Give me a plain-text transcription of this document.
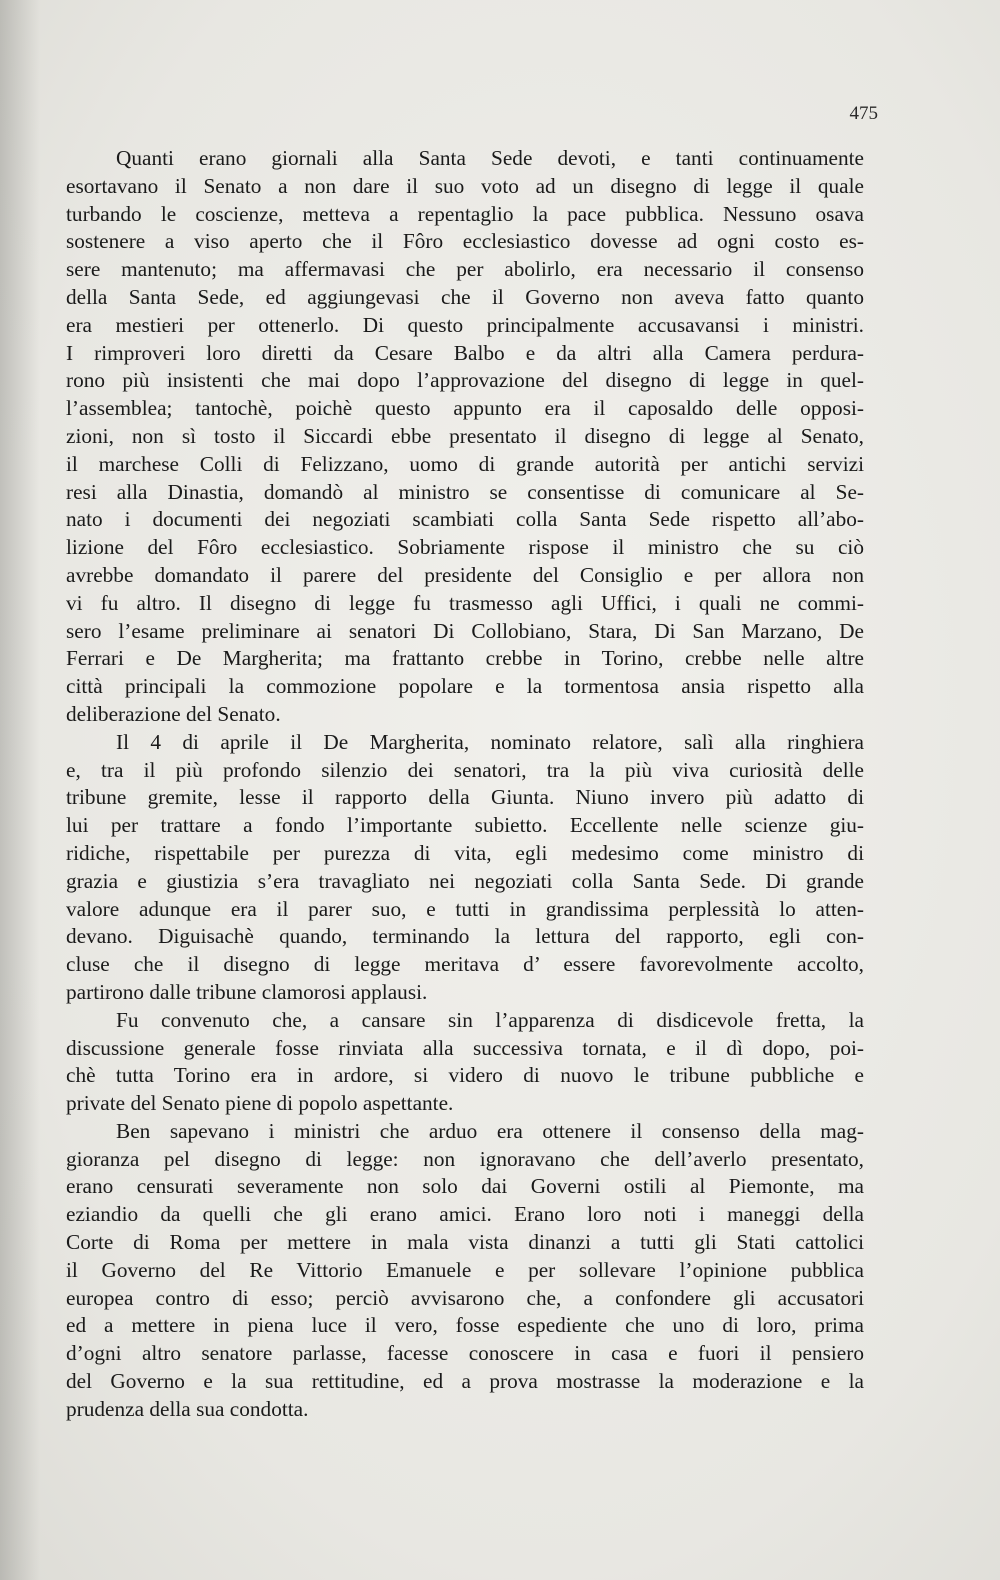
475
Quanti erano giornali alla Santa Sede devoti, e tanti continuamente
esortavano il Senato a non dare il suo voto ad un disegno di legge il quale
turbando le coscienze, metteva a repentaglio la pace pubblica. Nessuno osava
sostenere a viso aperto che il Fôro ecclesiastico dovesse ad ogni costo es-
sere mantenuto; ma affermavasi che per abolirlo, era necessario il consenso
della Santa Sede, ed aggiungevasi che il Governo non aveva fatto quanto
era mestieri per ottenerlo. Di questo principalmente accusavansi i ministri.
I rimproveri loro diretti da Cesare Balbo e da altri alla Camera perdura-
rono più insistenti che mai dopo l’approvazione del disegno di legge in quel-
l’assemblea; tantochè, poichè questo appunto era il caposaldo delle opposi-
zioni, non sì tosto il Siccardi ebbe presentato il disegno di legge al Senato,
il marchese Colli di Felizzano, uomo di grande autorità per antichi servizi
resi alla Dinastia, domandò al ministro se consentisse di comunicare al Se-
nato i documenti dei negoziati scambiati colla Santa Sede rispetto all’abo-
lizione del Fôro ecclesiastico. Sobriamente rispose il ministro che su ciò
avrebbe domandato il parere del presidente del Consiglio e per allora non
vi fu altro. Il disegno di legge fu trasmesso agli Uffici, i quali ne commi-
sero l’esame preliminare ai senatori Di Collobiano, Stara, Di San Marzano, De
Ferrari e De Margherita; ma frattanto crebbe in Torino, crebbe nelle altre
città principali la commozione popolare e la tormentosa ansia rispetto alla
deliberazione del Senato.
Il 4 di aprile il De Margherita, nominato relatore, salì alla ringhiera
e, tra il più profondo silenzio dei senatori, tra la più viva curiosità delle
tribune gremite, lesse il rapporto della Giunta. Niuno invero più adatto di
lui per trattare a fondo l’importante subietto. Eccellente nelle scienze giu-
ridiche, rispettabile per purezza di vita, egli medesimo come ministro di
grazia e giustizia s’era travagliato nei negoziati colla Santa Sede. Di grande
valore adunque era il parer suo, e tutti in grandissima perplessità lo atten-
devano. Diguisachè quando, terminando la lettura del rapporto, egli con-
cluse che il disegno di legge meritava d’ essere favorevolmente accolto,
partirono dalle tribune clamorosi applausi.
Fu convenuto che, a cansare sin l’apparenza di disdicevole fretta, la
discussione generale fosse rinviata alla successiva tornata, e il dì dopo, poi-
chè tutta Torino era in ardore, si videro di nuovo le tribune pubbliche e
private del Senato piene di popolo aspettante.
Ben sapevano i ministri che arduo era ottenere il consenso della mag-
gioranza pel disegno di legge: non ignoravano che dell’averlo presentato,
erano censurati severamente non solo dai Governi ostili al Piemonte, ma
eziandio da quelli che gli erano amici. Erano loro noti i maneggi della
Corte di Roma per mettere in mala vista dinanzi a tutti gli Stati cattolici
il Governo del Re Vittorio Emanuele e per sollevare l’opinione pubblica
europea contro di esso; perciò avvisarono che, a confondere gli accusatori
ed a mettere in piena luce il vero, fosse espediente che uno di loro, prima
d’ogni altro senatore parlasse, facesse conoscere in casa e fuori il pensiero
del Governo e la sua rettitudine, ed a prova mostrasse la moderazione e la
prudenza della sua condotta.
